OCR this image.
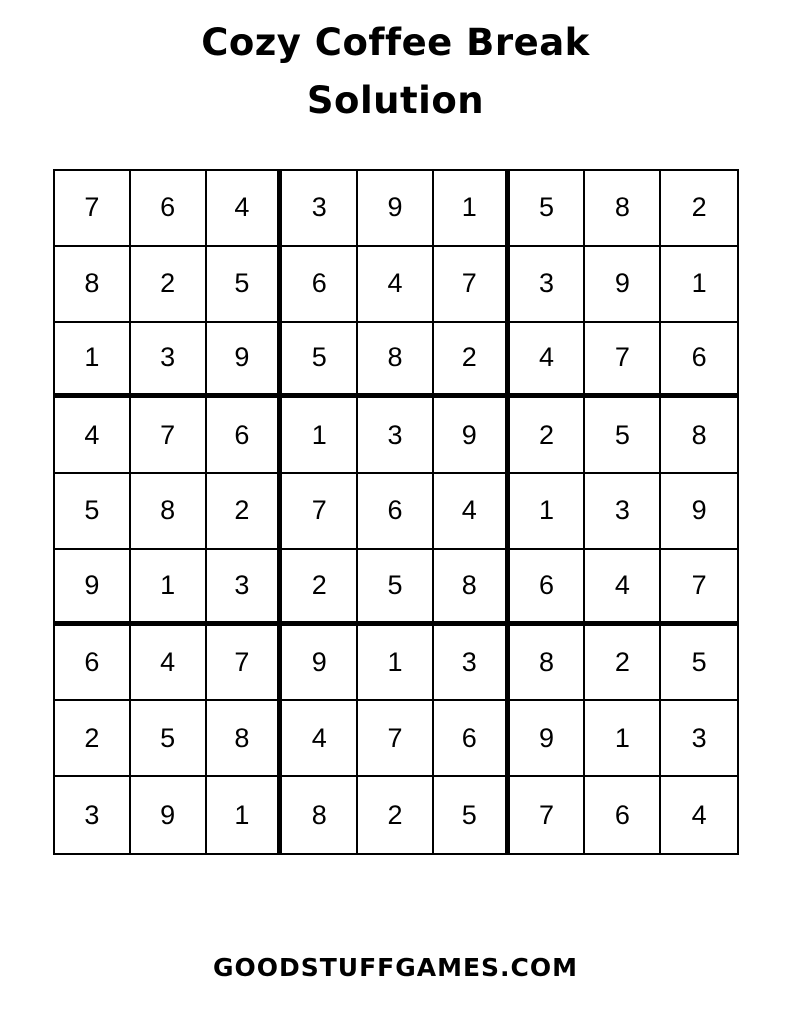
Cozy Coffee Break
Solution
7	6	4	3	9	1	5	8	2
8	2	5	6	4	7	3	9	1
1	3	9	5	8	2	4	7	6
4	7	6	1	3	9	2	5	8
5	8	2	7	6	4	1	3	9
9	1	3	2	5	8	6	4	7
6	4	7	9	1	3	8	2	5
2	5	8	4	7	6	9	1	3
3	9	1	8	2	5	7	6	4
GOODSTUFFGAMES.COM
